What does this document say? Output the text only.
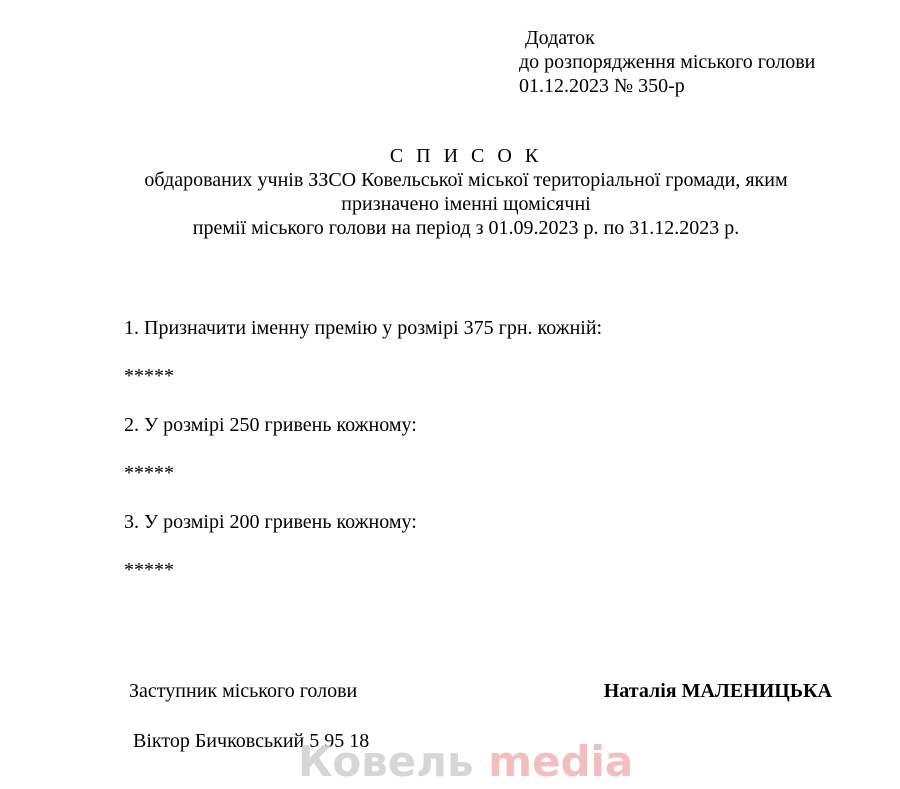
Додаток
до розпорядження міського голови
01.12.2023 № 350-р
С П И С О К
обдарованих учнів ЗЗСО Ковельської міської територіальної громади, яким
призначено іменні щомісячні
премії міського голови на період з 01.09.2023 р. по 31.12.2023 р.
1. Призначити іменну премію у розмірі 375 грн. кожній:
*****
2. У розмірі 250 гривень кожному:
*****
3. У розмірі 200 гривень кожному:
*****
Заступник міського голови	Наталія МАЛЕНИЦЬКА
Віктор Бичковський 5 95 18
Ковель media
